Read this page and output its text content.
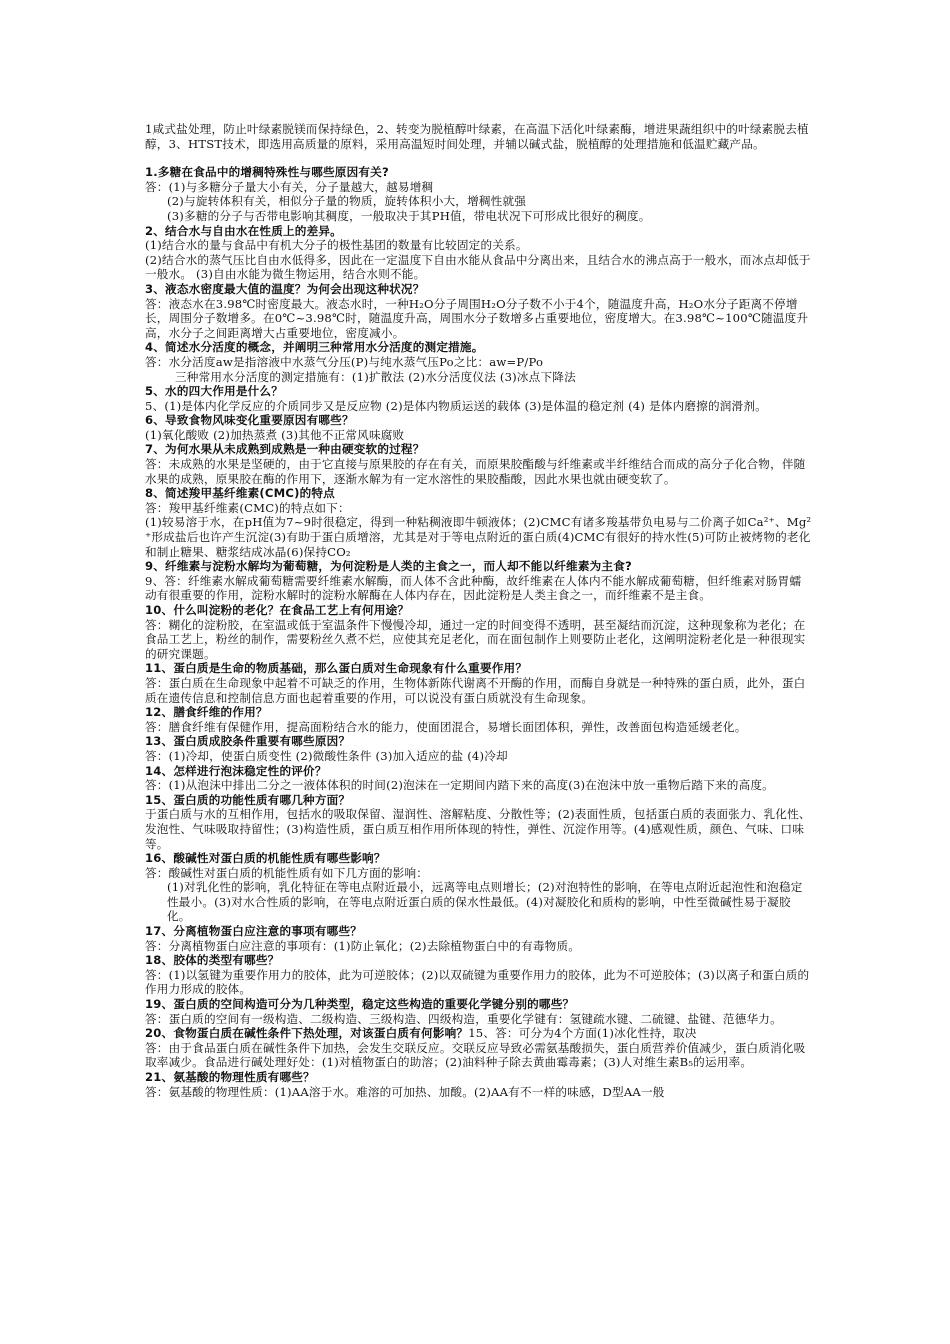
1咸式盐处理，防止叶绿素脱镁而保持绿色，2、转变为脱植醇叶绿素，在高温下活化叶绿素酶，增进果蔬组织中的叶绿素脱去植醇，3、HTST技术，即选用高质量的原料，采用高温短时间处理，并辅以碱式盐，脱植醇的处理措施和低温贮藏产品。

1.多糖在食品中的增稠特殊性与哪些原因有关?

答：(1)与多糖分子量大小有关，分子量越大，越易增稠

(2)与旋转体积有关，相似分子量的物质，旋转体积小大，增稠性就强

(3)多糖的分子与否带电影响其稠度，一般取决于其PH值，带电状况下可形成比很好的稠度。

2、结合水与自由水在性质上的差异。

(1)结合水的量与食品中有机大分子的极性基团的数量有比较固定的关系。

(2)结合水的蒸气压比自由水低得多，因此在一定温度下自由水能从食品中分离出来，且结合水的沸点高于一般水，而冰点却低于一般水。 (3)自由水能为微生物运用，结合水则不能。

3、液态水密度最大值的温度？为何会出现这种状况？

答：液态水在3.98℃时密度最大。液态水时，一种H₂O分子周围H₂O分子数不小于4个，随温度升高，H₂O水分子距离不停增长，周围分子数增多。在0℃~3.98℃时，随温度升高，周围水分子数增多占重要地位，密度增大。在3.98℃~100℃随温度升高，水分子之间距离增大占重要地位，密度减小。

4、简述水分活度的概念，并阐明三种常用水分活度的测定措施。

答：水分活度aw是指溶液中水蒸气分压(P)与纯水蒸气压Po之比：aw=P/Po

三种常用水分活度的测定措施有：(1)扩散法 (2)水分活度仪法 (3)冰点下降法

5、水的四大作用是什么？

5、(1)是体内化学反应的介质同步又是反应物 (2)是体内物质运送的载体 (3)是体温的稳定剂 (4) 是体内磨擦的润滑剂。

6、导致食物风味变化重要原因有哪些？

(1)氧化酸败 (2)加热蒸煮 (3)其他不正常风味腐败

7、为何水果从未成熟到成熟是一种由硬变软的过程？

答：未成熟的水果是坚硬的，由于它直接与原果胶的存在有关，而原果胶酯酸与纤维素或半纤维结合而成的高分子化合物，伴随水果的成熟，原果胶在酶的作用下，逐渐水解为有一定水溶性的果胶酯酸，因此水果也就由硬变软了。

8、简述羧甲基纤维素(CMC)的特点

答：羧甲基纤维素(CMC)的特点如下：

(1)较易溶于水，在pH值为7~9时很稳定，得到一种粘稠液即牛顿液体；(2)CMC有诸多羧基带负电易与二价离子如Ca²⁺、Mg²⁺形成盐后也许产生沉淀(3)有助于蛋白质增溶，尤其是对于等电点附近的蛋白质(4)CMC有很好的持水性(5)可防止被烤物的老化和制止糖果、糖浆结成冰晶(6)保持CO₂

9、纤维素与淀粉水解均为葡萄糖，为何淀粉是人类的主食之一，而人却不能以纤维素为主食?

9、答：纤维素水解成葡萄糖需要纤维素水解酶，而人体不含此种酶，故纤维素在人体内不能水解成葡萄糖，但纤维素对肠胃蠕动有很重要的作用，淀粉水解时的淀粉水解酶在人体内存在，因此淀粉是人类主食之一，而纤维素不是主食。

10、什么叫淀粉的老化？在食品工艺上有何用途？

答：糊化的淀粉胶，在室温或低于室温条件下慢慢冷却，通过一定的时间变得不透明，甚至凝结而沉淀，这种现象称为老化；在食品工艺上，粉丝的制作，需要粉丝久煮不烂，应使其充足老化，而在面包制作上则要防止老化，这阐明淀粉老化是一种很现实的研究课题。

11、蛋白质是生命的物质基础，那么蛋白质对生命现象有什么重要作用？

答：蛋白质在生命现象中起着不可缺乏的作用，生物体新陈代谢离不开酶的作用，而酶自身就是一种特殊的蛋白质，此外，蛋白质在遗传信息和控制信息方面也起着重要的作用，可以说没有蛋白质就没有生命现象。

12、膳食纤维的作用？

答：膳食纤维有保健作用，提高面粉结合水的能力，使面团混合，易增长面团体积，弹性，改善面包构造延缓老化。

13、蛋白质成胶条件重要有哪些原因？

答：(1)冷却，使蛋白质变性 (2)微酸性条件 (3)加入适应的盐 (4)冷却

14、怎样进行泡沫稳定性的评价？

答：(1)从泡沫中排出二分之一液体体积的时间(2)泡沫在一定期间内踏下来的高度(3)在泡沫中放一重物后踏下来的高度。

15、蛋白质的功能性质有哪几种方面？

于蛋白质与水的互相作用，包括水的吸取保留、湿润性、溶解粘度、分散性等；(2)表面性质，包括蛋白质的表面张力、乳化性、发泡性、气味吸取持留性；(3)构造性质，蛋白质互相作用所体现的特性，弹性、沉淀作用等。(4)感观性质，颜色、气味、口味等。

16、酸碱性对蛋白质的机能性质有哪些影响？

答：酸碱性对蛋白质的机能性质有如下几方面的影响：

(1)对乳化性的影响，乳化特征在等电点附近最小，远离等电点则增长；(2)对泡特性的影响，在等电点附近起泡性和泡稳定性最小。(3)对水合性质的影响，在等电点附近蛋白质的保水性最低。(4)对凝胶化和质构的影响，中性至微碱性易于凝胶化。

17、分离植物蛋白应注意的事项有哪些？

答：分离植物蛋白应注意的事项有：(1)防止氧化；(2)去除植物蛋白中的有毒物质。

18、胶体的类型有哪些？

答：(1)以氢键为重要作用力的胶体，此为可逆胶体；(2)以双硫键为重要作用力的胶体，此为不可逆胶体；(3)以离子和蛋白质的作用力形成的胶体。

19、蛋白质的空间构造可分为几种类型，稳定这些构造的重要化学键分别的哪些？

答：蛋白质的空间有一级构造、二级构造、三级构造、四级构造，重要化学键有：氢键疏水键、二硫键、盐键、范德华力。

20、食物蛋白质在碱性条件下热处理，对该蛋白质有何影响？15、答：可分为4个方面(1)冰化性持，取决

答：由于食品蛋白质在碱性条件下加热，会发生交联反应。交联反应导致必需氨基酸损失，蛋白质营养价值减少，蛋白质消化吸取率减少。食品进行碱处理好处：(1)对植物蛋白的助溶；(2)油料种子除去黄曲霉毒素；(3)人对维生素B₅的运用率。

21、氨基酸的物理性质有哪些？

答：氨基酸的物理性质：(1)AA溶于水。难溶的可加热、加酸。(2)AA有不一样的味感，D型AA一般
